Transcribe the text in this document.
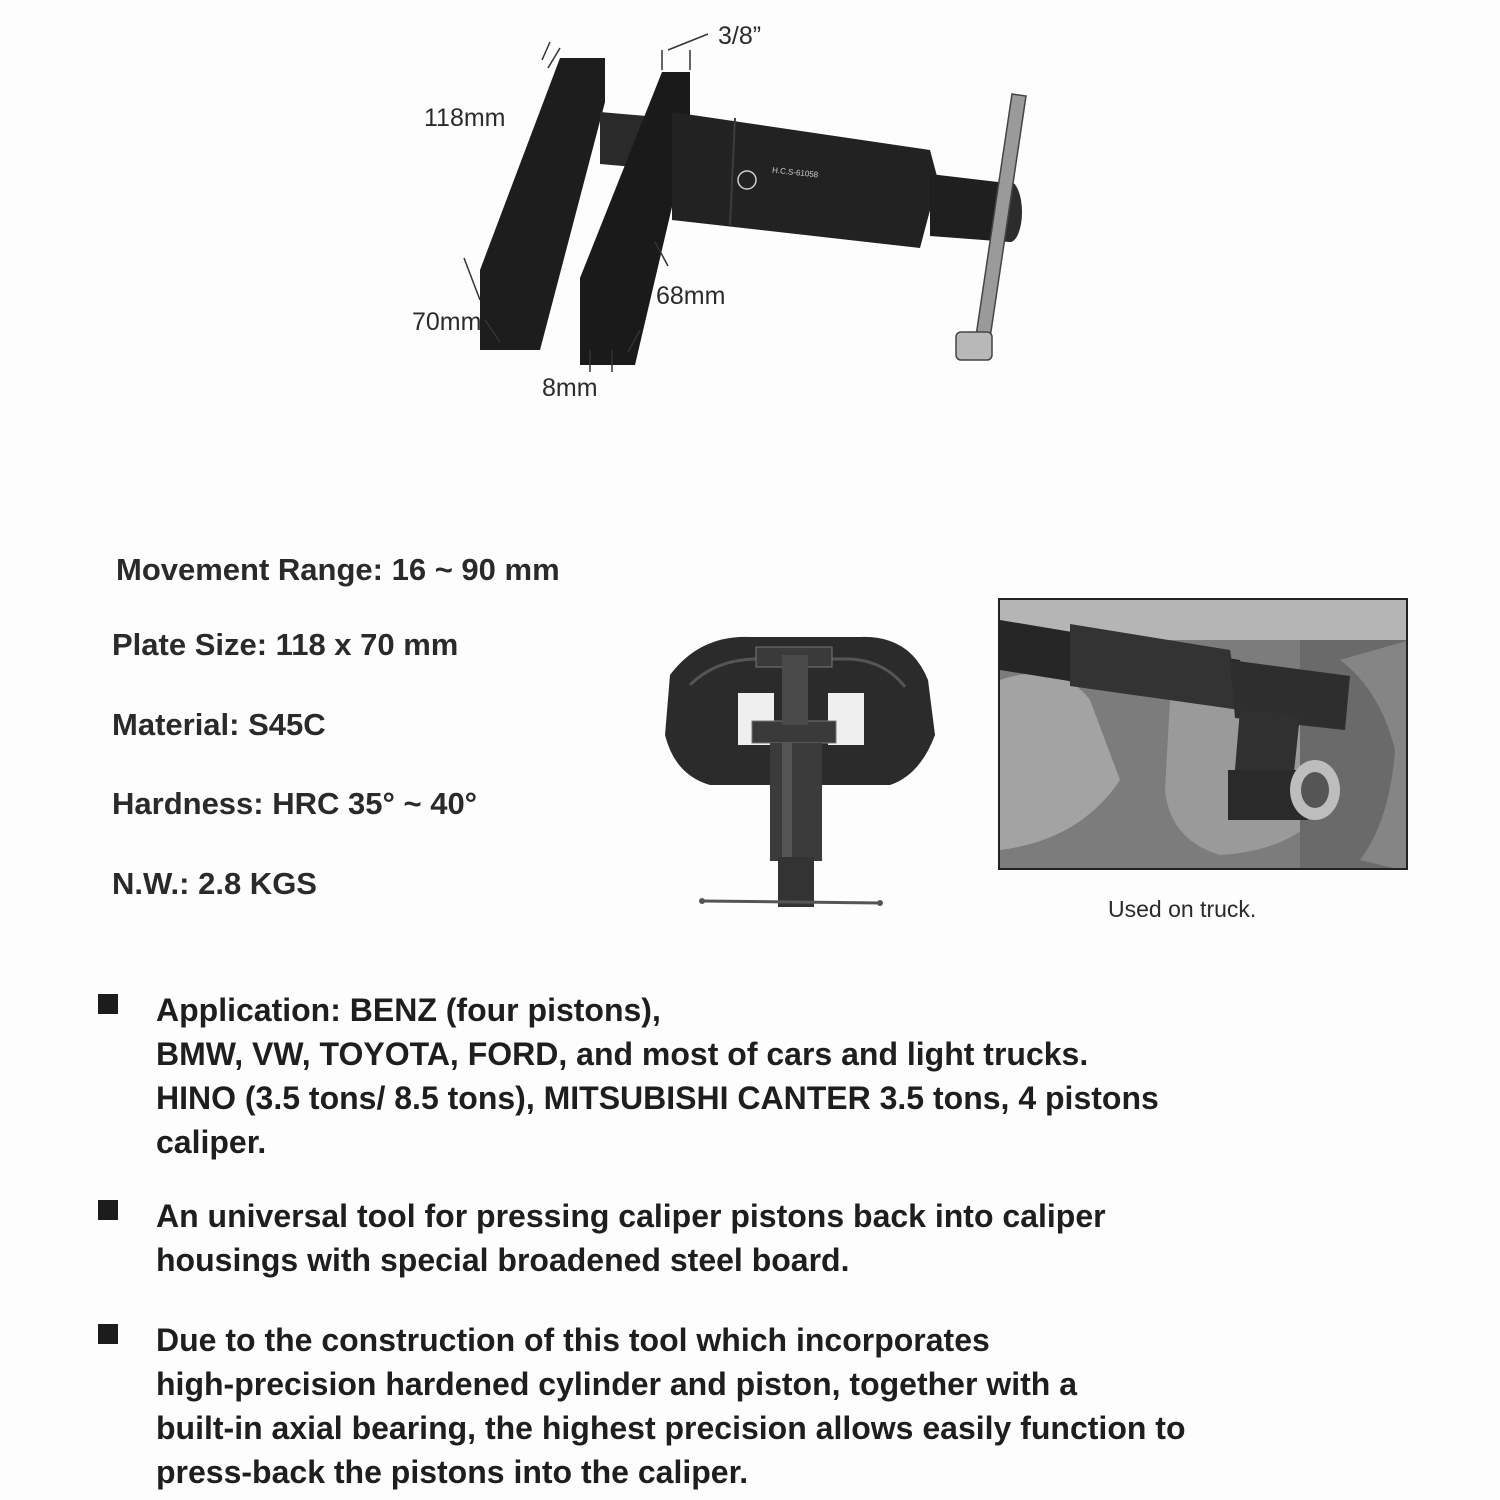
3/8”
118mm
70mm
68mm
8mm
H.C.S-61058
Movement Range: 16 ~ 90 mm
Plate Size: 118 x 70 mm
Material: S45C
Hardness: HRC 35° ~ 40°
N.W.: 2.8 KGS
Used on truck.
Application: BENZ (four pistons),
BMW, VW, TOYOTA, FORD, and most of cars and light trucks.
HINO (3.5 tons/ 8.5 tons), MITSUBISHI CANTER 3.5 tons, 4 pistons
caliper.
An universal tool for pressing caliper pistons back into caliper
housings with special broadened steel board.
Due to the construction of this tool which incorporates
high-precision hardened cylinder and piston, together with a
built-in axial bearing, the highest precision allows easily function to
press-back the pistons into the caliper.
